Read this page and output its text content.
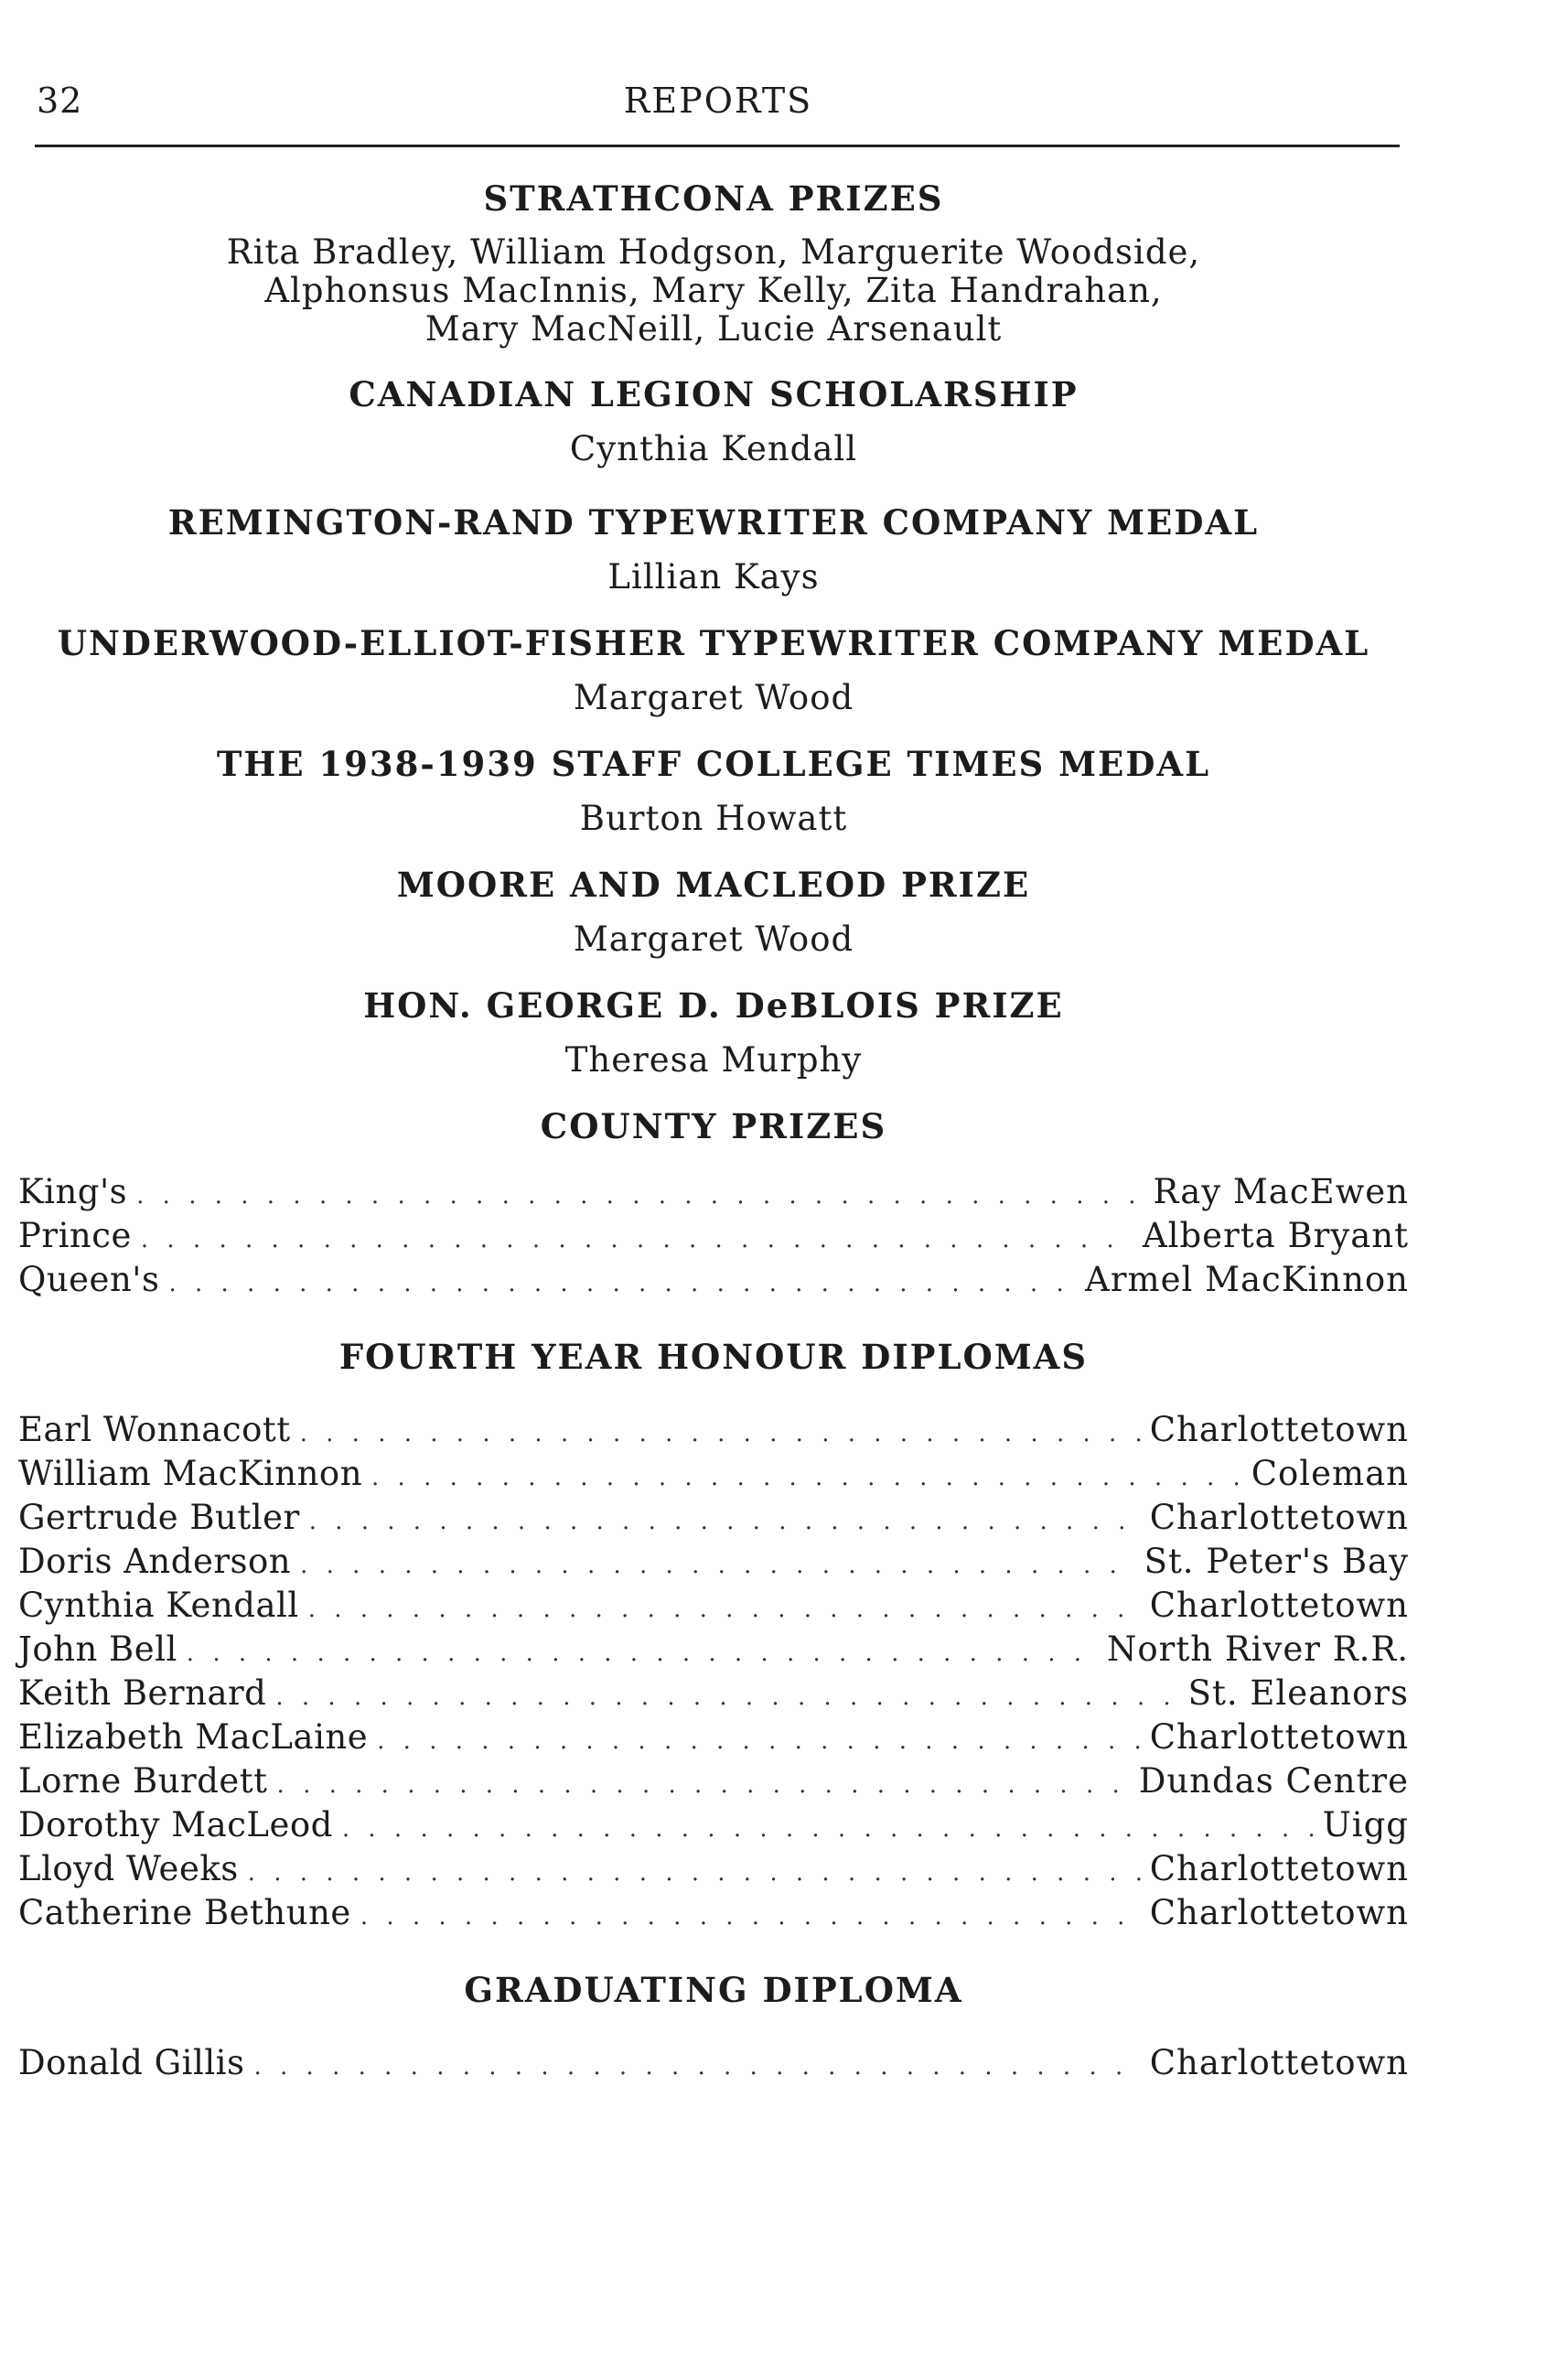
32	REPORTS
STRATHCONA PRIZES
Rita Bradley, William Hodgson, Marguerite Woodside,
Alphonsus MacInnis, Mary Kelly, Zita Handrahan,
Mary MacNeill, Lucie Arsenault
CANADIAN LEGION SCHOLARSHIP
Cynthia Kendall
REMINGTON-RAND TYPEWRITER COMPANY MEDAL
Lillian Kays
UNDERWOOD-ELLIOT-FISHER TYPEWRITER COMPANY MEDAL
Margaret Wood
THE 1938-1939 STAFF COLLEGE TIMES MEDAL
Burton Howatt
MOORE AND MACLEOD PRIZE
Margaret Wood
HON. GEORGE D. DeBLOIS PRIZE
Theresa Murphy
COUNTY PRIZES
King's . . .	Ray MacEwen
Prince . . .	Alberta Bryant
Queen's . . .	Armel MacKinnon
FOURTH YEAR HONOUR DIPLOMAS
Earl Wonnacott . . .	Charlottetown
William MacKinnon . . .	Coleman
Gertrude Butler . . .	Charlottetown
Doris Anderson . . .	St. Peter's Bay
Cynthia Kendall . . .	Charlottetown
John Bell . . .	North River R.R.
Keith Bernard . . .	St. Eleanors
Elizabeth MacLaine . . .	Charlottetown
Lorne Burdett . . .	Dundas Centre
Dorothy MacLeod . . .	Uigg
Lloyd Weeks . . .	Charlottetown
Catherine Bethune . . .	Charlottetown
GRADUATING DIPLOMA
Donald Gillis . . .	Charlottetown
